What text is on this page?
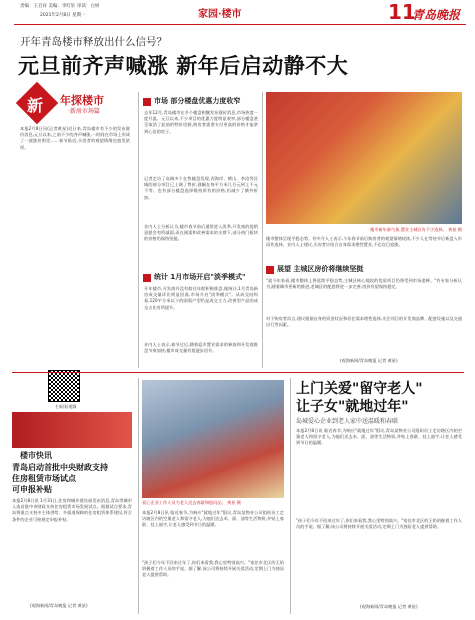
责编：王召祥 美编：李红轩 审读：白妍
2021年2月8日 星期一	家园·楼市	11
青岛晚报
开年青岛楼市释放出什么信号？
元旦前齐声喊涨 新年后启动静不大
新 年探楼市
·新房市场篇
本报2月8日讯(记者黄星)近日来,青岛楼市有不少的发布涨价消息,元旦以来,之前不少的齐声喊涨,一时间在市场上形成了一波涨价舆论……春节临近,买房者的观望情绪也愈发浓厚。
扫码看视频
市场 部分楼盘优惠力度收窄
去年12月,青岛楼市在多个楼盘相继发布涨价消息,市场热度一度升温。元旦以来,不少项目的优惠力度明显收窄,部分楼盘甚至取消了此前的特价房源,购房者需要支付更高的价格才能拿到心仪的房子。
记者走访了岛城多个在售楼盘发现,西海岸、崂山、李沧等区域的部分项目已上调了售价,涨幅在每平方米几百元到上千元不等。也有部分楼盘选择维持原有的价格,但减少了额外折扣。
业内人士分析认为,楼市春节前后通常进入淡季,开发商的促销意愿会有所减弱,而在刚需和改善需求的支撑下,部分热门板块的价格仍保持坚挺。
统计 1月市场开启"淡季模式"
开年楼市,开发商并没有如往年般积极推盘,据统计,1月青岛新房成交量环比明显回落,市场开启"淡季模式"。从成交结构看,120平方米以下的刚需户型仍是成交主力,改善型产品的成交占比有所提升。
业内人士表示,春节过后,随着返乡置业需求的释放和开发商推盘节奏加快,楼市成交量有望逐步回升。
楼市新年新气象,置业主城区有不少选择。 黄星 摄
楼市整体呈现平稳态势。有中介人士表示,今年春节前后购房者的观望情绪较浓,不少人在等待节后新盘入市再作选择。业内人士建议,买房者应结合自身需求理性置业,不必盲目追涨。
展望 主城区房价将继续坚挺
"就今年来看,楼市整体上将延续平稳态势,主城区核心地段的优质项目仍将受到市场追捧。"有专家分析认为,随着城市更新的推进,老城区的配套将进一步完善,房价有望保持稳定。
对于购房者而言,建议根据自身的资金状况和居住需求理性选择,关注项目的开发商品牌、配套设施以及交通出行等因素。
(观海新闻/青岛晚报 记者 黄星)
楼市快讯
青岛启动首批中央财政支持
住房租赁市场试点
可申报补贴
本报2月8日讯 1月31日,住房和城乡建设部发布消息,青岛等城市入选首批中央财政支持住房租赁市场发展试点。根据试点要求,青岛将重点支持多主体供给、多渠道保障的住房租赁体系建设,符合条件的企业可按规定申报补贴。
(观海新闻/青岛晚报 记者 黄星)
爱心企业工作人员为老人送去春联和慰问品。 黄星 摄
本报2月8日讯 临近春节,为响应"就地过年"倡议,青岛某物业公司组织员工走访辖区内的空巢老人和留守老人,为他们送去米、面、油等生活物资,并贴上春联、挂上福字,让老人感受到节日的温暖。
"孩子们今年不回来过年了,你们来看我,我心里特别高兴。"家住市北区的王奶奶握着工作人员的手说。据了解,该公司将持续开展关爱活动,定期上门为独居老人提供帮助。
上门关爱"留守老人"
让子女"就地过年"
岛城爱心企业到老人家中送温暖和春联
本报2月8日讯 临近春节,为响应"就地过年"倡议,青岛某物业公司组织员工走访辖区内的空巢老人和留守老人,为他们送去米、面、油等生活物资,并贴上春联、挂上福字,让老人感受到节日的温暖。
"孩子们今年不回来过年了,你们来看我,我心里特别高兴。"家住市北区的王奶奶握着工作人员的手说。据了解,该公司将持续开展关爱活动,定期上门为独居老人提供帮助。
(观海新闻/青岛晚报 记者 黄星)
